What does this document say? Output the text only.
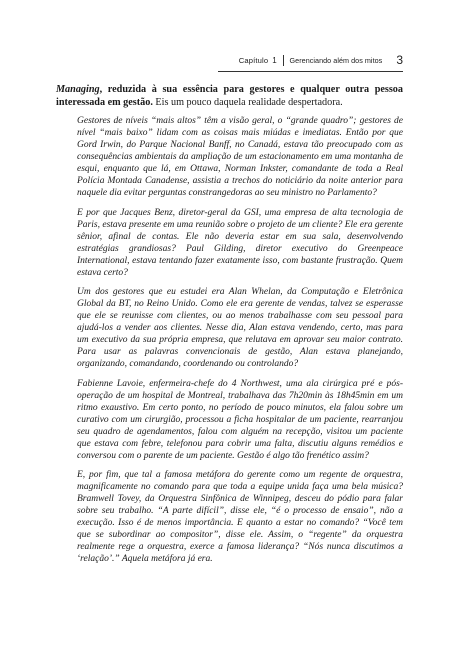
Capítulo 1 Gerenciando além dos mitos 3

Managing, reduzida à sua essência para gestores e qualquer outra pessoa interessada em gestão. Eis um pouco daquela realidade despertadora.

Gestores de níveis “mais altos” têm a visão geral, o “grande quadro”; gestores de nível “mais baixo” lidam com as coisas mais miúdas e imediatas. Então por que Gord Irwin, do Parque Nacional Banff, no Canadá, estava tão preocupado com as consequências ambientais da ampliação de um estacionamento em uma montanha de esqui, enquanto que lá, em Ottawa, Norman Inkster, comandante de toda a Real Polícia Montada Canadense, assistia a trechos do noticiário da noite anterior para naquele dia evitar perguntas constrangedoras ao seu ministro no Parlamento?

E por que Jacques Benz, diretor-geral da GSI, uma empresa de alta tecnologia de Paris, estava presente em uma reunião sobre o projeto de um cliente? Ele era gerente sênior, afinal de contas. Ele não deveria estar em sua sala, desenvolvendo estratégias grandiosas? Paul Gilding, diretor executivo do Greenpeace International, estava tentando fazer exatamente isso, com bastante frustração. Quem estava certo?

Um dos gestores que eu estudei era Alan Whelan, da Computação e Eletrônica Global da BT, no Reino Unido. Como ele era gerente de vendas, talvez se esperasse que ele se reunisse com clientes, ou ao menos trabalhasse com seu pessoal para ajudá-los a vender aos clientes. Nesse dia, Alan estava vendendo, certo, mas para um executivo da sua própria empresa, que relutava em aprovar seu maior contrato. Para usar as palavras convencionais de gestão, Alan estava planejando, organizando, comandando, coordenando ou controlando?

Fabienne Lavoie, enfermeira-chefe do 4 Northwest, uma ala cirúrgica pré e pós-operação de um hospital de Montreal, trabalhava das 7h20min às 18h45min em um ritmo exaustivo. Em certo ponto, no período de pouco minutos, ela falou sobre um curativo com um cirurgião, processou a ficha hospitalar de um paciente, rearranjou seu quadro de agendamentos, falou com alguém na recepção, visitou um paciente que estava com febre, telefonou para cobrir uma falta, discutiu alguns remédios e conversou com o parente de um paciente. Gestão é algo tão frenético assim?

E, por fim, que tal a famosa metáfora do gerente como um regente de orquestra, magnificamente no comando para que toda a equipe unida faça uma bela música? Bramwell Tovey, da Orquestra Sinfônica de Winnipeg, desceu do pódio para falar sobre seu trabalho. “A parte difícil”, disse ele, “é o processo de ensaio”, não a execução. Isso é de menos importância. E quanto a estar no comando? “Você tem que se subordinar ao compositor”, disse ele. Assim, o “regente” da orquestra realmente rege a orquestra, exerce a famosa liderança? “Nós nunca discutimos a ‘relação’.” Aquela metáfora já era.
